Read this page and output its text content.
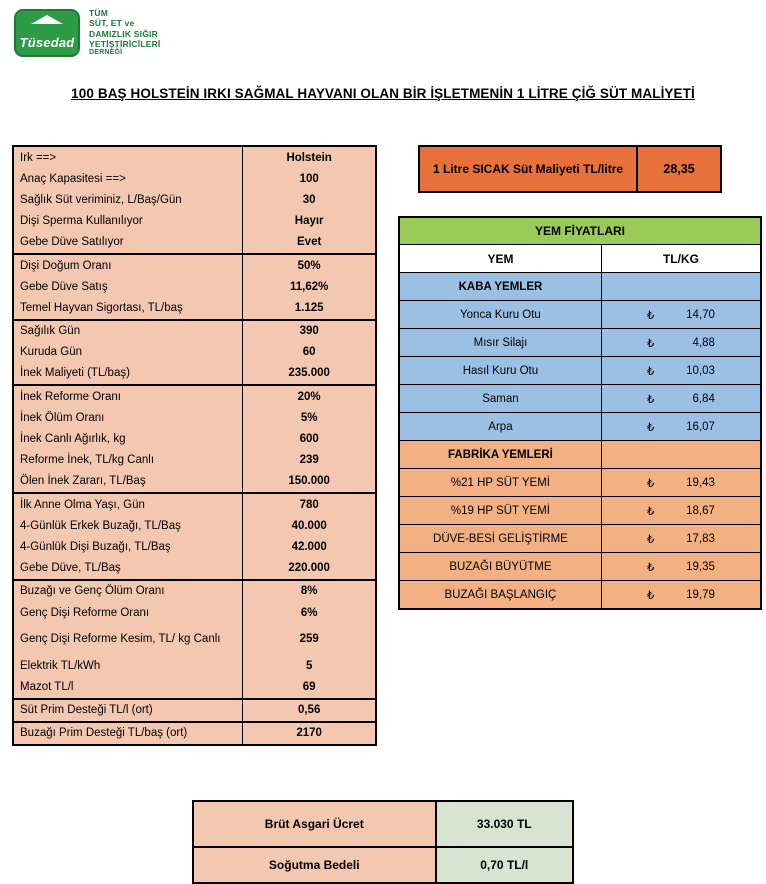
Tüsedad
TÜM
SÜT, ET ve
DAMIZLIK SIĞIR
YETİŞTİRİCİLERİ
DERNEĞİ
100 BAŞ HOLSTEİN IRKI SAĞMAL HAYVANI OLAN BİR İŞLETMENİN 1 LİTRE ÇİĞ SÜT MALİYETİ
Irk ==>	Holstein
Anaç Kapasitesi ==>	100
Sağlık Süt veriminiz, L/Baş/Gün	30
Dişi Sperma Kullanılıyor	Hayır
Gebe Düve Satılıyor	Evet
Dişi Doğum Oranı	50%
Gebe Düve Satış	11,62%
Temel Hayvan Sigortası, TL/baş	1.125
Sağılık Gün	390
Kuruda Gün	60
İnek Maliyeti (TL/baş)	235.000
İnek Reforme Oranı	20%
İnek Ölüm Oranı	5%
İnek Canlı Ağırlık, kg	600
Reforme İnek, TL/kg Canlı	239
Ölen İnek Zararı, TL/Baş	150.000
İlk Anne Olma Yaşı, Gün	780
4-Günlük Erkek Buzağı, TL/Baş	40.000
4-Günlük Dişi Buzağı, TL/Baş	42.000
Gebe Düve, TL/Baş	220.000
Buzağı ve Genç Ölüm Oranı	8%
Genç Dişi Reforme Oranı	6%
Genç Dişi Reforme Kesim, TL/ kg Canlı	259
Elektrik TL/kWh	5
Mazot TL/l	69
Süt Prim Desteği TL/l (ort)	0,56
Buzağı Prim Desteği TL/baş (ort)	2170
1 Litre SICAK Süt Maliyeti TL/litre	28,35
YEM FİYATLARI	
YEM	TL/KG
KABA YEMLER	
Yonca Kuru Otu	₺ 14,70

Mısır Silajı	₺ 4,88

Hasıl Kuru Otu	₺ 10,03

Saman	₺ 6,84

Arpa	₺ 16,07

FABRİKA YEMLERİ	
%21 HP SÜT YEMİ	₺ 19,43

%19 HP SÜT YEMİ	₺ 18,67

DÜVE-BESİ GELİŞTİRME	₺ 17,83

BUZAĞI BÜYÜTME	₺ 19,35

BUZAĞI BAŞLANGIÇ	₺ 19,79
Brüt Asgari Ücret	33.030 TL
Soğutma Bedeli	0,70 TL/l
